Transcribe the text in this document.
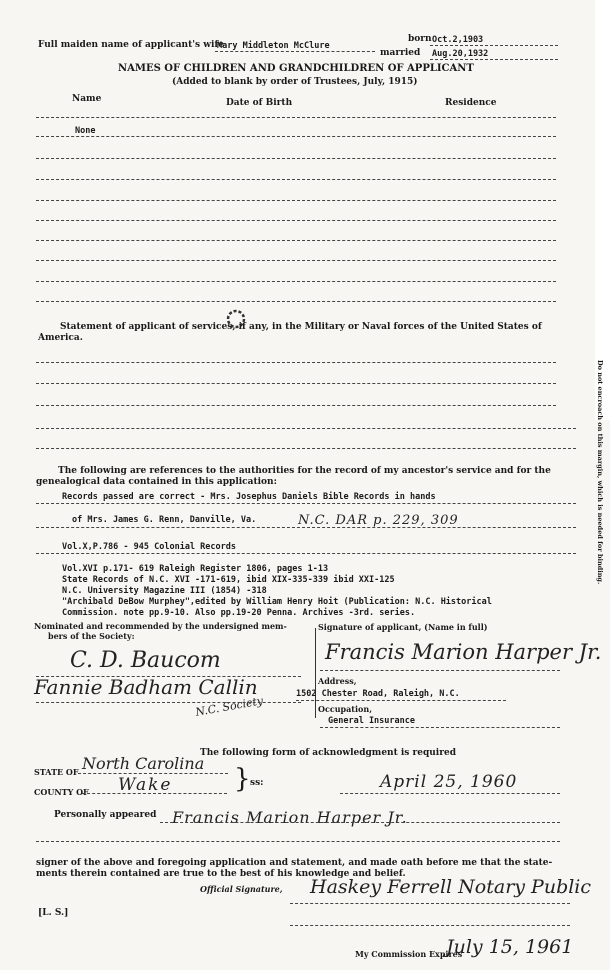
Full maiden name of applicant's wife
Mary Middleton McClure
born Oct.2,1903
married Aug.20,1932
NAMES OF CHILDREN AND GRANDCHILDREN OF APPLICANT
(Added to blank by order of Trustees, July, 1915)
Name	Date of Birth	Residence
None
Statement of applicant of services, if any, in the Military or Naval forces of the United States of
America.
Do not encroach on this margin, which is needed for binding.
The following are references to the authorities for the record of my ancestor's service and for the
genealogical data contained in this application:
Records passed are correct - Mrs. Josephus Daniels Bible Records in hands
of Mrs. James G. Renn, Danville, Va.	N.C. DAR p. 229, 309
Vol.X,P.786 - 945 Colonial Records
Vol.XVI p.171- 619 Raleigh Register 1806, pages 1-13
State Records of N.C. XVI -171-619, ibid XIX-335-339 ibid XXI-125
N.C. University Magazine III (1854) -318
"Archibald DeBow Murphey",edited by William Henry Hoit (Publication: N.C. Historical
Commission. note pp.9-10. Also pp.19-20 Penna. Archives -3rd. series.
Nominated and recommended by the undersigned mem-
bers of the Society:
C. D. Baucom
Fannie Badham Callin
N.C. Society
Signature of applicant, (Name in full)
Francis Marion Harper Jr.
Address,
1502 Chester Road, Raleigh, N.C.
Occupation,
General Insurance
The following form of acknowledgment is required
STATE OF North Carolina
} ss:
COUNTY OF Wake	April 25, 1960
Personally appeared Francis Marion Harper Jr.
signer of the above and foregoing application and statement, and made oath before me that the state-
ments therein contained are true to the best of his knowledge and belief.
Official Signature, Haskey Ferrell Notary Public
[L. S.]
My Commission Expires
July 15, 1961
